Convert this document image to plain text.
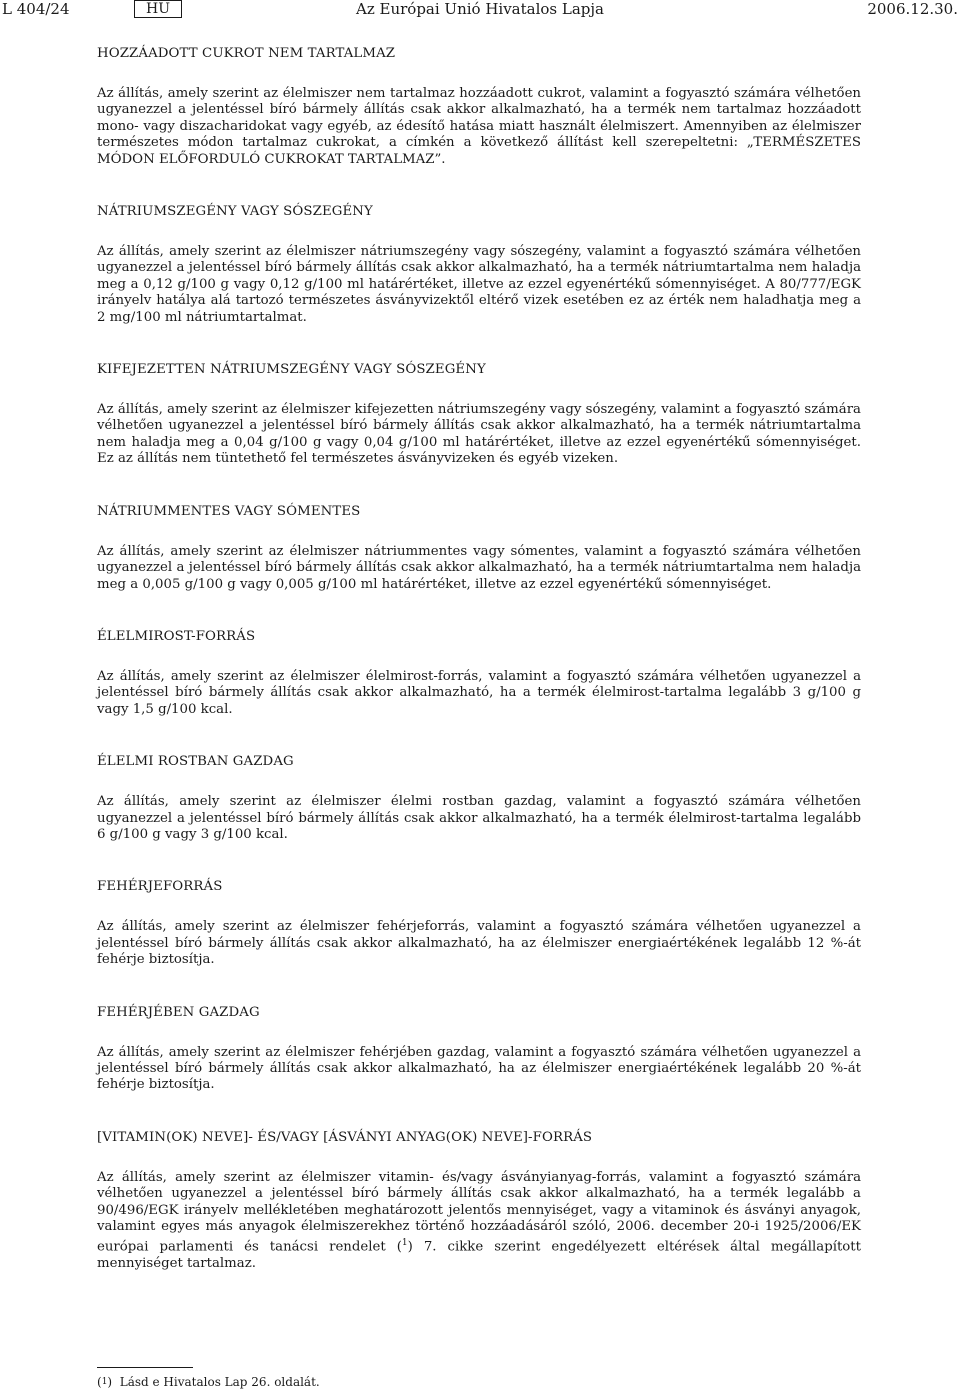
Az Európai Unió Hivatalos Lapja
L 404/24	HU	2006.12.30.
HOZZÁADOTT CUKROT NEM TARTALMAZ

Az állítás, amely szerint az élelmiszer nem tartalmaz hozzáadott cukrot, valamint a fogyasztó számára vélhetően ugyanezzel a jelentéssel bíró bármely állítás csak akkor alkalmazható, ha a termék nem tartalmaz hozzáadott mono- vagy diszacharidokat vagy egyéb, az édesítő hatása miatt használt élelmiszert. Amennyiben az élelmiszer természetes módon tartalmaz cukrokat, a címkén a következő állítást kell szerepeltetni: „TERMÉSZETES MÓDON ELŐFORDULÓ CUKROKAT TARTALMAZ”.

NÁTRIUMSZEGÉNY VAGY SÓSZEGÉNY

Az állítás, amely szerint az élelmiszer nátriumszegény vagy sószegény, valamint a fogyasztó számára vélhetően ugyanezzel a jelentéssel bíró bármely állítás csak akkor alkalmazható, ha a termék nátriumtartalma nem haladja meg a 0,12 g/100 g vagy 0,12 g/100 ml határértéket, illetve az ezzel egyenértékű sómennyiséget. A 80/777/EGK irányelv hatálya alá tartozó természetes ásványvizektől eltérő vizek esetében ez az érték nem haladhatja meg a 2 mg/100 ml nátriumtartalmat.

KIFEJEZETTEN NÁTRIUMSZEGÉNY VAGY SÓSZEGÉNY

Az állítás, amely szerint az élelmiszer kifejezetten nátriumszegény vagy sószegény, valamint a fogyasztó számára vélhetően ugyanezzel a jelentéssel bíró bármely állítás csak akkor alkalmazható, ha a termék nátriumtartalma nem haladja meg a 0,04 g/100 g vagy 0,04 g/100 ml határértéket, illetve az ezzel egyenértékű sómennyiséget. Ez az állítás nem tüntethető fel természetes ásványvizeken és egyéb vizeken.

NÁTRIUMMENTES VAGY SÓMENTES

Az állítás, amely szerint az élelmiszer nátriummentes vagy sómentes, valamint a fogyasztó számára vélhetően ugyanezzel a jelentéssel bíró bármely állítás csak akkor alkalmazható, ha a termék nátriumtartalma nem haladja meg a 0,005 g/100 g vagy 0,005 g/100 ml határértéket, illetve az ezzel egyenértékű sómennyiséget.

ÉLELMIROST-FORRÁS

Az állítás, amely szerint az élelmiszer élelmirost-forrás, valamint a fogyasztó számára vélhetően ugyanezzel a jelentéssel bíró bármely állítás csak akkor alkalmazható, ha a termék élelmirost-tartalma legalább 3 g/100 g vagy 1,5 g/100 kcal.

ÉLELMI ROSTBAN GAZDAG

Az állítás, amely szerint az élelmiszer élelmi rostban gazdag, valamint a fogyasztó számára vélhetően ugyanezzel a jelentéssel bíró bármely állítás csak akkor alkalmazható, ha a termék élelmirost-tartalma legalább 6 g/100 g vagy 3 g/100 kcal.

FEHÉRJEFORRÁS

Az állítás, amely szerint az élelmiszer fehérjeforrás, valamint a fogyasztó számára vélhetően ugyanezzel a jelentéssel bíró bármely állítás csak akkor alkalmazható, ha az élelmiszer energiaértékének legalább 12 %-át fehérje biztosítja.

FEHÉRJÉBEN GAZDAG

Az állítás, amely szerint az élelmiszer fehérjében gazdag, valamint a fogyasztó számára vélhetően ugyanezzel a jelentéssel bíró bármely állítás csak akkor alkalmazható, ha az élelmiszer energiaértékének legalább 20 %-át fehérje biztosítja.

[VITAMIN(OK) NEVE]- ÉS/VAGY [ÁSVÁNYI ANYAG(OK) NEVE]-FORRÁS

Az állítás, amely szerint az élelmiszer vitamin- és/vagy ásványianyag-forrás, valamint a fogyasztó számára vélhetően ugyanezzel a jelentéssel bíró bármely állítás csak akkor alkalmazható, ha a termék legalább a 90/496/EGK irányelv mellékletében meghatározott jelentős mennyiséget, vagy a vitaminok és ásványi anyagok, valamint egyes más anyagok élelmiszerekhez történő hozzáadásáról szóló, 2006. december 20-i 1925/2006/EK európai parlamenti és tanácsi rendelet ($^1$) 7. cikke szerint engedélyezett eltérések által megállapított mennyiséget tartalmaz.

(1)  Lásd e Hivatalos Lap 26. oldalát.
